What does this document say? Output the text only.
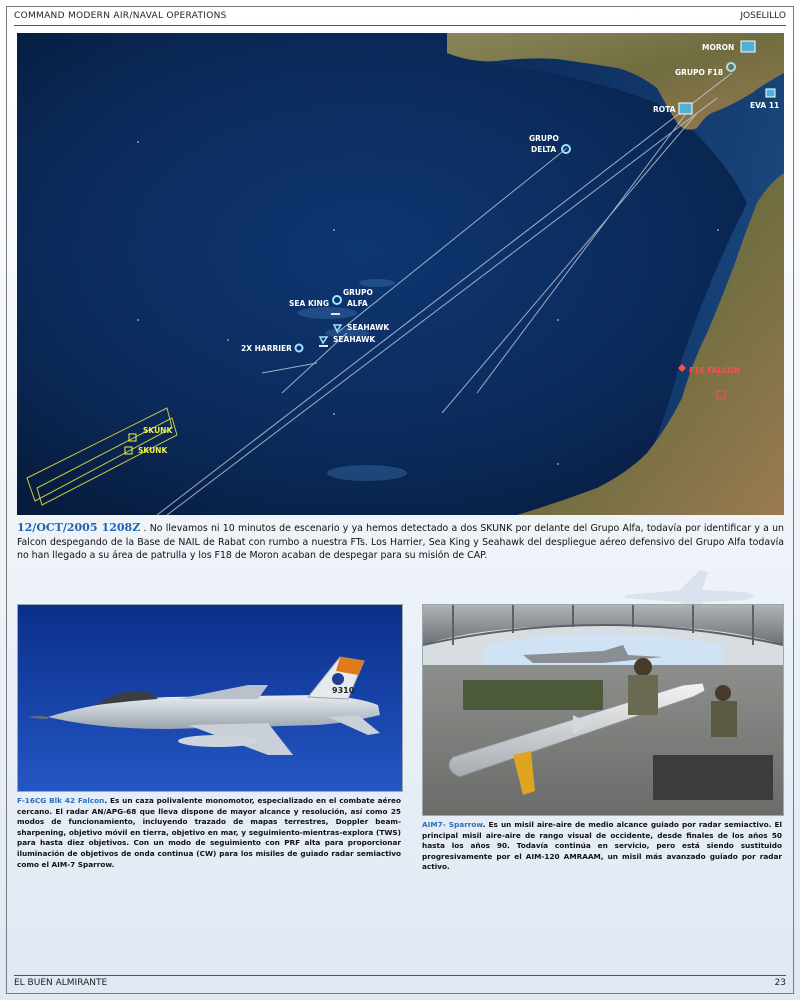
COMMAND MODERN AIR/NAVAL OPERATIONS	JOSELILLO
MORON
GRUPO F18
EVA 11
ROTA
GRUPO
DELTA
GRUPO
ALFA
SEA KING
SEAHAWK
SEAHAWK
2X HARRIER
F16 FALCON
SKUNK
SKUNK
12/OCT/2005 1208Z . No llevamos ni 10 minutos de escenario y ya hemos detectado a dos SKUNK por delante del Grupo Alfa, todavía por identificar y a un Falcon despegando de la Base de NAIL de Rabat con rumbo a nuestra FTs. Los Harrier, Sea King y Seahawk del despliegue aéreo defensivo del Grupo Alfa todavía no han llegado a su área de patrulla y los F18 de Moron acaban de despegar para su misión de CAP.
9310
F-16CG Blk 42 Falcon. Es un caza polivalente monomotor, especializado en el combate aéreo cercano. El radar AN/APG-68 que lleva dispone de mayor alcance y resolución, así como 25 modos de funcionamiento, incluyendo trazado de mapas terrestres, Doppler beam-sharpening, objetivo móvil en tierra, objetivo en mar, y seguimiento-mientras-explora (TWS) para hasta diez objetivos. Con un modo de seguimiento con PRF alta para proporcionar iluminación de objetivos de onda continua (CW) para los misiles de guiado radar semiactivo como el AIM-7 Sparrow.
AIM7- Sparrow. Es un misil aire-aire de medio alcance guiado por radar semiactivo. El principal misil aire-aire de rango visual de occidente, desde finales de los años 50 hasta los años 90. Todavía continúa en servicio, pero está siendo sustituido progresivamente por el AIM-120 AMRAAM, un misil más avanzado guiado por radar activo.
EL BUEN ALMIRANTE	23
